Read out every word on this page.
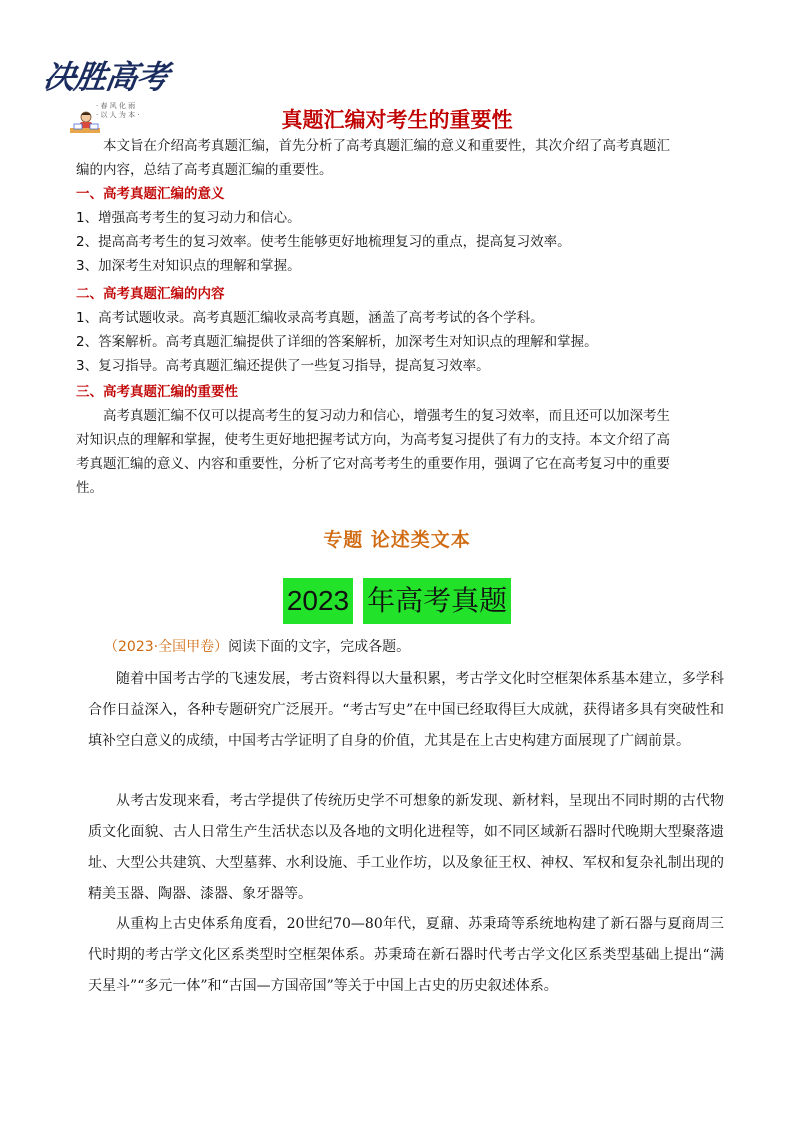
决胜高考
· 春 风 化 雨
· 以 人 为 本 ·	真题汇编对考生的重要性
本文旨在介绍高考真题汇编，首先分析了高考真题汇编的意义和重要性，其次介绍了高考真题汇
编的内容，总结了高考真题汇编的重要性。
一、高考真题汇编的意义
1、增强高考考生的复习动力和信心。
2、提高高考考生的复习效率。使考生能够更好地梳理复习的重点，提高复习效率。
3、加深考生对知识点的理解和掌握。
二、高考真题汇编的内容
1、高考试题收录。高考真题汇编收录高考真题，涵盖了高考考试的各个学科。
2、答案解析。高考真题汇编提供了详细的答案解析，加深考生对知识点的理解和掌握。
3、复习指导。高考真题汇编还提供了一些复习指导，提高复习效率。
三、高考真题汇编的重要性
高考真题汇编不仅可以提高考生的复习动力和信心，增强考生的复习效率，而且还可以加深考生
对知识点的理解和掌握，使考生更好地把握考试方向，为高考复习提供了有力的支持。本文介绍了高
考真题汇编的意义、内容和重要性，分析了它对高考考生的重要作用，强调了它在高考复习中的重要
性。
专题 论述类文本
2023 年高考真题
（2023·全国甲卷）阅读下面的文字，完成各题。

随着中国考古学的飞速发展，考古资料得以大量积累，考古学文化时空框架体系基本建立，多学科合作日益深入，各种专题研究广泛展开。“考古写史”在中国已经取得巨大成就，获得诸多具有突破性和填补空白意义的成绩，中国考古学证明了自身的价值，尤其是在上古史构建方面展现了广阔前景。

从考古发现来看，考古学提供了传统历史学不可想象的新发现、新材料，呈现出不同时期的古代物质文化面貌、古人日常生产生活状态以及各地的文明化进程等，如不同区域新石器时代晚期大型聚落遗址、大型公共建筑、大型墓葬、水利设施、手工业作坊，以及象征王权、神权、军权和复杂礼制出现的精美玉器、陶器、漆器、象牙器等。

从重构上古史体系角度看，20世纪70—80年代，夏鼐、苏秉琦等系统地构建了新石器与夏商周三代时期的考古学文化区系类型时空框架体系。苏秉琦在新石器时代考古学文化区系类型基础上提出“满天星斗”“多元一体”和“古国—方国帝国”等关于中国上古史的历史叙述体系。
